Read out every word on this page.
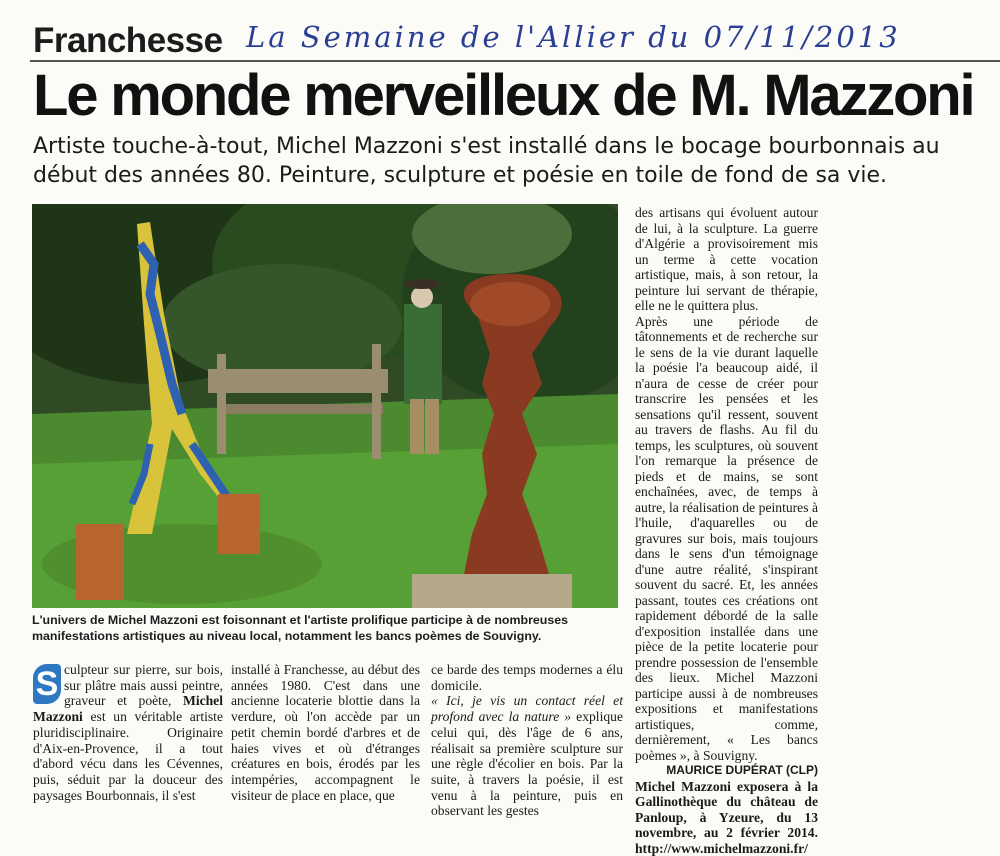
Franchesse La Semaine de l'Allier du 07/11/2013
Le monde merveilleux de M. Mazzoni
Artiste touche-à-tout, Michel Mazzoni s'est installé dans le bocage bourbonnais au début des années 80. Peinture, sculpture et poésie en toile de fond de sa vie.
L'univers de Michel Mazzoni est foisonnant et l'artiste prolifique participe à de nombreuses manifestations artistiques au niveau local, notamment les bancs poèmes de Souvigny.
S culpteur sur pierre, sur bois, sur plâtre mais aussi peintre, graveur et poète, Michel Mazzoni est un véritable artiste pluridisciplinaire. Originaire d'Aix-en-Provence, il a tout d'abord vécu dans les Cévennes, puis, séduit par la douceur des paysages Bourbonnais, il s'est

installé à Franchesse, au début des années 1980. C'est dans une ancienne locaterie blottie dans la verdure, où l'on accède par un petit chemin bordé d'arbres et de haies vives et où d'étranges créatures en bois, érodés par les intempéries, accompagnent le visiteur de place en place, que

ce barde des temps modernes a élu domicile.
« Ici, je vis un contact réel et profond avec la nature » explique celui qui, dès l'âge de 6 ans, réalisait sa première sculpture sur une règle d'écolier en bois. Par la suite, à travers la poésie, il est venu à la peinture, puis en observant les gestes

des artisans qui évoluent autour de lui, à la sculpture. La guerre d'Algérie a provisoirement mis un terme à cette vocation artistique, mais, à son retour, la peinture lui servant de thérapie, elle ne le quittera plus.

Après une période de tâtonnements et de recherche sur le sens de la vie durant laquelle la poésie l'a beaucoup aidé, il n'aura de cesse de créer pour transcrire les pensées et les sensations qu'il ressent, souvent au travers de flashs. Au fil du temps, les sculptures, où souvent l'on remarque la présence de pieds et de mains, se sont enchaînées, avec, de temps à autre, la réalisation de peintures à l'huile, d'aquarelles ou de gravures sur bois, mais toujours dans le sens d'un témoignage d'une autre réalité, s'inspirant souvent du sacré. Et, les années passant, toutes ces créations ont rapidement débordé de la salle d'exposition installée dans une pièce de la petite locaterie pour prendre possession de l'ensemble des lieux. Michel Mazzoni participe aussi à de nombreuses expositions et manifestations artistiques, comme, dernièrement, « Les bancs poèmes », à Souvigny.

MAURICE DUPÉRAT (CLP)

Michel Mazzoni exposera à la Gallinothèque du château de Panloup, à Yzeure, du 13 novembre, au 2 février 2014. http://www.michelmazzoni.fr/
